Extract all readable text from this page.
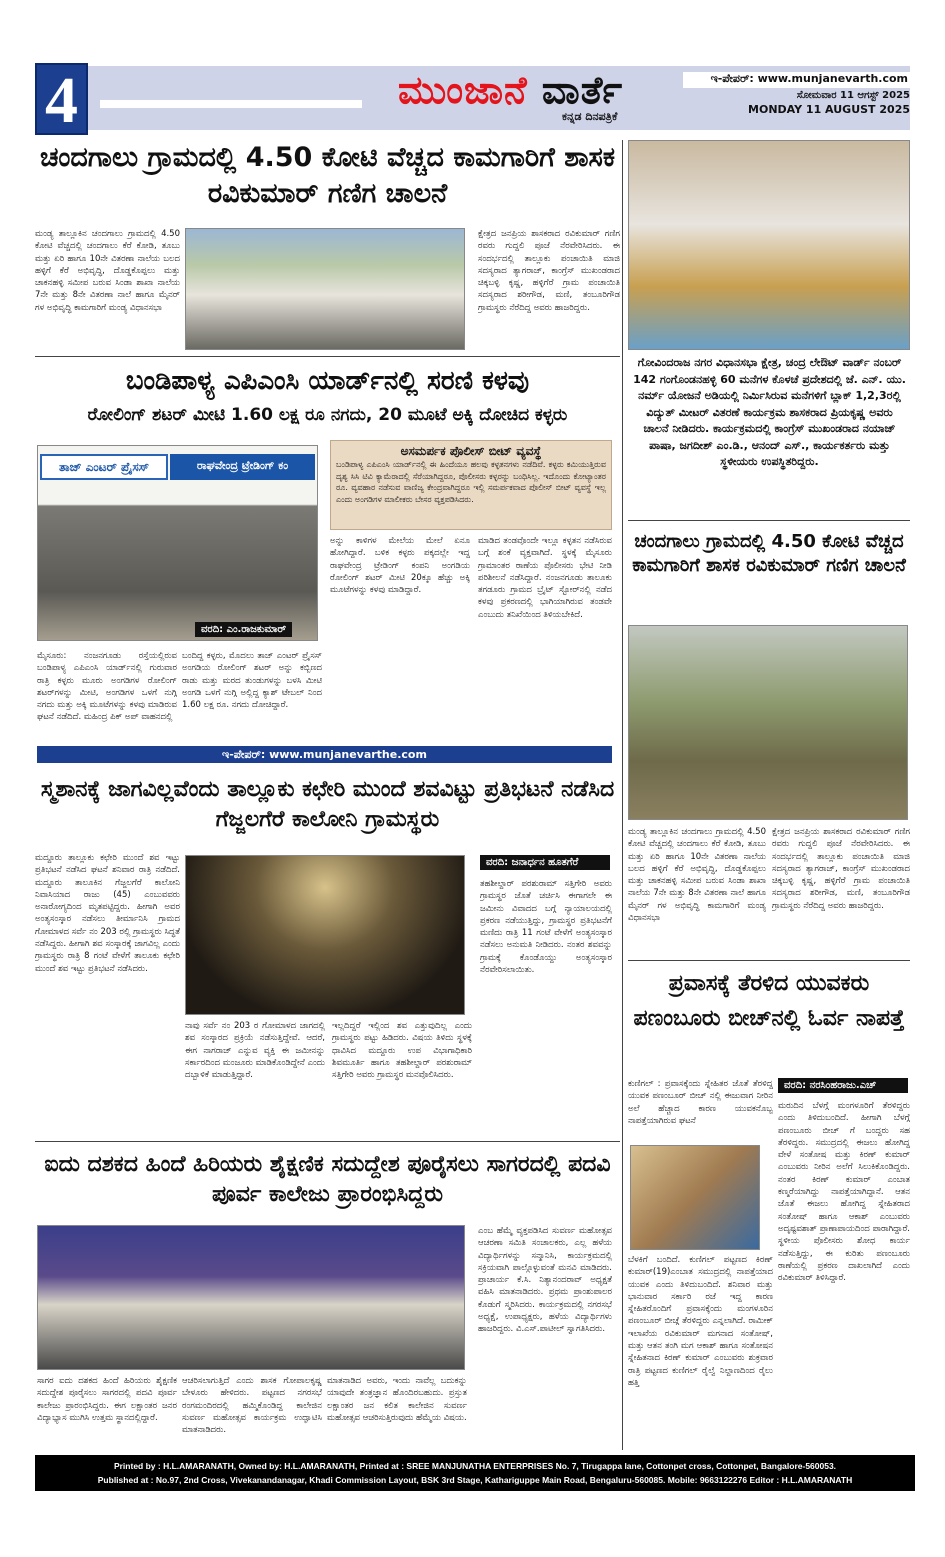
4	ಮುಂಜಾನೆ ವಾರ್ತೆ
ಕನ್ನಡ ದಿನಪತ್ರಿಕೆ
ಇ-ಪೇಪರ್: www.munjanevarth.com
ಸೋಮವಾರ 11 ಆಗಸ್ಟ್ 2025
MONDAY 11 AUGUST 2025
ಚಂದಗಾಲು ಗ್ರಾಮದಲ್ಲಿ 4.50 ಕೋಟಿ ವೆಚ್ಚದ ಕಾಮಗಾರಿಗೆ ಶಾಸಕ ರವಿಕುಮಾರ್ ಗಣಿಗ ಚಾಲನೆ
ಮಂಡ್ಯ ತಾಲ್ಲೂಕಿನ ಚಂದಗಾಲು ಗ್ರಾಮದಲ್ಲಿ 4.50 ಕೋಟಿ ವೆಚ್ಚದಲ್ಲಿ ಚಂದಗಾಲು ಕೆರೆ ಕೋಡಿ, ತೂಬು ಮತ್ತು ಏರಿ ಹಾಗೂ 10ನೇ ವಿತರಣಾ ನಾಲೆಯ ಬಲದ ಹಳ್ಳಿಗೆ ಕೆರೆ ಅಭಿವೃದ್ಧಿ, ದೊಡ್ಡಕೊಪ್ಪಲು ಮತ್ತು ಚಾಕನಹಳ್ಳಿ ಸಮೀಪ ಬರುವ ಸಿಂಡಾ ಶಾಖಾ ನಾಲೆಯ 7ನೇ ಮತ್ತು 8ನೇ ವಿತರಣಾ ನಾಲೆ ಹಾಗೂ ಮೈನರ್ ಗಳ ಅಭಿವೃದ್ಧಿ ಕಾಮಗಾರಿಗೆ ಮಂಡ್ಯ ವಿಧಾನಸಭಾ
ಕ್ಷೇತ್ರದ ಜನಪ್ರಿಯ ಶಾಸಕರಾದ ರವಿಕುಮಾರ್ ಗಣಿಗ ರವರು ಗುದ್ದಲಿ ಪೂಜೆ ನೆರವೇರಿಸಿದರು. ಈ ಸಂದರ್ಭದಲ್ಲಿ ತಾಲ್ಲೂಕು ಪಂಚಾಯಿತಿ ಮಾಜಿ ಸದಸ್ಯರಾದ ತ್ಯಾಗರಾಜ್, ಕಾಂಗ್ರೆಸ್ ಮುಖಂಡರಾದ ಚಿಕ್ಕಬಳ್ಳಿ ಕೃಷ್ಣ, ಹಳ್ಳಿಗೆರೆ ಗ್ರಾಮ ಪಂಚಾಯಿತಿ ಸದಸ್ಯರಾದ ಶರೀಗೌಡ, ಮಣಿ, ತಂಬೂರಿಗೌಡ ಗ್ರಾಮಸ್ಥರು ನೆರೆದಿದ್ದ ಅವರು ಹಾಜರಿದ್ದರು.
ಬಂಡಿಪಾಳ್ಯ ಎಪಿಎಂಸಿ ಯಾರ್ಡ್‌ನಲ್ಲಿ ಸರಣಿ ಕಳವು
ರೋಲಿಂಗ್ ಶಟರ್ ಮೀಟಿ 1.60 ಲಕ್ಷ ರೂ ನಗದು, 20 ಮೂಟೆ ಅಕ್ಕಿ ದೋಚಿದ ಕಳ್ಳರು
ತಾಜ್ ಎಂಟರ್ ಪ್ರೈಸಸ್	ರಾಘವೇಂದ್ರ ಟ್ರೇಡಿಂಗ್ ಕಂ
ವರದಿ: ಎಂ.ರಾಜಕುಮಾರ್
ಅಸಮರ್ಪಕ ಪೊಲೀಸ್ ಬೀಟ್ ವ್ಯವಸ್ಥೆ
ಬಂಡಿಪಾಳ್ಯ ಎಪಿಎಂಸಿ ಯಾರ್ಡ್‌ನಲ್ಲಿ ಈ ಹಿಂದೆಯೂ ಹಲವು ಕಳ್ಳತನಗಳು ನಡೆದಿವೆ. ಕಳ್ಳರು ಕಮಿಯುತ್ತಿರುವ ದೃಶ್ಯ ಸಿಸಿ ಟಿವಿ ಕ್ಯಾಮೆರಾದಲ್ಲಿ ಸೆರೆಯಾಗಿದ್ದರೂ, ಪೊಲೀಸರು ಕಳ್ಳರನ್ನು ಬಂಧಿಸಿಲ್ಲ. ಇದೊಂದು ಕೋಟ್ಯಾಂತರ ರೂ. ವ್ಯವಹಾರ ನಡೆಸುವ ವಾಣಿಜ್ಯ ಕೇಂದ್ರವಾಗಿದ್ದರೂ ಇಲ್ಲಿ ಸಮರ್ಪಕವಾದ ಪೊಲೀಸ್ ಬೀಟ್ ವ್ಯವಸ್ಥೆ ಇಲ್ಲ ಎಂದು ಅಂಗಡಿಗಳ ಮಾಲೀಕರು ಬೇಸರ ವ್ಯಕ್ತಪಡಿಸಿದರು.
ಅನ್ನು ಕಾಳಿಗಳ ಮೇಲೆಯ ಮೇಲೆ ಏನೂ ಹೋಗಿದ್ದಾರೆ. ಬಳಿಕ ಕಳ್ಳರು ಪಕ್ಕದಲ್ಲೇ ಇದ್ದ ರಾಘವೇಂದ್ರ ಟ್ರೇಡಿಂಗ್ ಕಂಪನಿ ಅಂಗಡಿಯ ರೋಲಿಂಗ್ ಶಟರ್ ಮೀಟಿ 20ಕ್ಕೂ ಹೆಚ್ಚು ಅಕ್ಕಿ ಮೂಟೆಗಳನ್ನು ಕಳವು ಮಾಡಿದ್ದಾರೆ.
ಮಾಡಿದ ತಂಡವೊಂದೇ ಇಲ್ಲೂ ಕಳ್ಳತನ ನಡೆಸಿರುವ ಬಗ್ಗೆ ಶಂಕೆ ವ್ಯಕ್ತವಾಗಿದೆ. ಸ್ಥಳಕ್ಕೆ ಮೈಸೂರು ಗ್ರಾಮಾಂತರ ಠಾಣೆಯ ಪೊಲೀಸರು ಭೇಟಿ ನೀಡಿ ಪರಿಶೀಲನೆ ನಡೆಸಿದ್ದಾರೆ. ನಂಜನಗೂಡು ತಾಲೂಕು ತಗಡೂರು ಗ್ರಾಮದ ಬ್ರೈಟ್ ಸ್ಟೋರ್‌ನಲ್ಲಿ ನಡೆದ ಕಳವು ಪ್ರಕರಣದಲ್ಲಿ ಭಾಗಿಯಾಗಿರುವ ತಂಡವೇ ಎಂಬುದು ತನಿಖೆಯಿಂದ ತಿಳಿಯಬೇಕಿದೆ.
ಮೈಸೂರು: ನಂಜನಗೂಡು ರಸ್ತೆಯಲ್ಲಿರುವ ಬಂಡಿಪಾಳ್ಯ ಎಪಿಎಂಸಿ ಯಾರ್ಡ್‌ನಲ್ಲಿ ಗುರುವಾರ ರಾತ್ರಿ ಕಳ್ಳರು ಮೂರು ಅಂಗಡಿಗಳ ರೋಲಿಂಗ್ ಶಟರ್‌ಗಳನ್ನು ಮೀಟಿ, ಅಂಗಡಿಗಳ ಒಳಗೆ ನುಗ್ಗಿ ನಗದು ಮತ್ತು ಅಕ್ಕಿ ಮೂಟೆಗಳನ್ನು ಕಳವು ಮಾಡಿರುವ ಘಟನೆ ನಡೆದಿದೆ. ಮಹಿಂದ್ರ ಪಿಕ್ ಅಪ್ ವಾಹನದಲ್ಲಿ
ಬಂದಿದ್ದ ಕಳ್ಳರು, ಮೊದಲು ತಾಜ್ ಎಂಟರ್ ಪ್ರೈಸಸ್ ಅಂಗಡಿಯ ರೋಲಿಂಗ್ ಶಟರ್ ಅನ್ನು ಕಬ್ಬಿಣದ ರಾಡು ಮತ್ತು ಮರದ ತುಂಡುಗಳನ್ನು ಬಳಸಿ ಮೀಟಿ ಅಂಗಡಿ ಒಳಗೆ ನುಗ್ಗಿ ಅಲ್ಲಿದ್ದ ಕ್ಯಾಶ್ ಟೇಬಲ್ ನಿಂದ 1.60 ಲಕ್ಷ ರೂ. ನಗದು ದೋಚಿದ್ದಾರೆ.
ಇ-ಪೇಪರ್: www.munjanevarthe.com
ಸ್ಮಶಾನಕ್ಕೆ ಜಾಗವಿಲ್ಲವೆಂದು ತಾಲ್ಲೂಕು ಕಛೇರಿ ಮುಂದೆ ಶವವಿಟ್ಟು ಪ್ರತಿಭಟನೆ ನಡೆಸಿದ ಗೆಜ್ಜಲಗೆರೆ ಕಾಲೋನಿ ಗ್ರಾಮಸ್ಥರು
ಮದ್ದೂರು ತಾಲ್ಲೂಕು ಕಛೇರಿ ಮುಂದೆ ಶವ ಇಟ್ಟು ಪ್ರತಿಭಟನೆ ನಡೆಸಿದ ಘಟನೆ ಶನಿವಾರ ರಾತ್ರಿ ನಡೆದಿದೆ. ಮದ್ದೂರು ತಾಲೂಕಿನ ಗೆಜ್ಜಲಗೆರೆ ಕಾಲೋನಿ ನಿವಾಸಿಯಾದ ರಾಜು (45) ಎಂಬುವವರು ಅನಾರೋಗ್ಯದಿಂದ ಮೃತಪಟ್ಟಿದ್ದರು. ಹೀಗಾಗಿ ಅವರ ಅಂತ್ಯಸಂಸ್ಕಾರ ನಡೆಸಲು ತೀರ್ಮಾನಿಸಿ ಗ್ರಾಮದ ಗೋಮಾಳದ ಸರ್ವೆ ನಂ 203 ರಲ್ಲಿ ಗ್ರಾಮಸ್ಥರು ಸಿದ್ಧತೆ ನಡೆಸಿದ್ದರು. ಹೀಗಾಗಿ ಶವ ಸಂಸ್ಕಾರಕ್ಕೆ ಜಾಗವಿಲ್ಲ ಎಂದು ಗ್ರಾಮಸ್ಥರು ರಾತ್ರಿ 8 ಗಂಟೆ ವೇಳೆಗೆ ತಾಲೂಕು ಕಛೇರಿ ಮುಂದೆ ಶವ ಇಟ್ಟು ಪ್ರತಿಭಟನೆ ನಡೆಸಿದರು.
ವರದಿ: ಜನಾರ್ಧನ ಹೂತಗೆರೆ
ತಹಶೀಲ್ದಾರ್ ಪರಶುರಾಮ್ ಸತ್ತಿಗೇರಿ ಅವರು ಗ್ರಾಮಸ್ಥರ ಜೊತೆ ಚರ್ಚಿಸಿ ಈಗಾಗಲೇ ಈ ಜಮೀನು ವಿವಾದದ ಬಗ್ಗೆ ನ್ಯಾಯಾಲಯದಲ್ಲಿ ಪ್ರಕರಣ ನಡೆಯುತ್ತಿದ್ದು, ಗ್ರಾಮಸ್ಥರ ಪ್ರತಿಭಟನೆಗೆ ಮಣಿದು ರಾತ್ರಿ 11 ಗಂಟೆ ವೇಳೆಗೆ ಅಂತ್ಯಸಂಸ್ಕಾರ ನಡೆಸಲು ಅನುಮತಿ ನೀಡಿದರು. ನಂತರ ಶವವನ್ನು ಗ್ರಾಮಕ್ಕೆ ಕೊಂಡೊಯ್ದು ಅಂತ್ಯಸಂಸ್ಕಾರ ನೆರವೇರಿಸಲಾಯಿತು.
ನಾವು ಸರ್ವೆ ನಂ 203 ರ ಗೋಮಾಳದ ಜಾಗದಲ್ಲಿ ಶವ ಸಂಸ್ಕಾರದ ಪ್ರಕ್ರಿಯೆ ನಡೆಸುತ್ತಿದ್ದೇವೆ. ಆದರೆ, ಈಗ ನಾಗರಾಜ್ ಎನ್ನುವ ವ್ಯಕ್ತಿ ಈ ಜಮೀನನ್ನು ಸರ್ಕಾರದಿಂದ ಮಂಜೂರು ಮಾಡಿಕೊಂಡಿದ್ದೇನೆ ಎಂದು ದಬ್ಬಾಳಿಕೆ ಮಾಡುತ್ತಿದ್ದಾರೆ.
ಇಲ್ಲದಿದ್ದರೆ ಇಲ್ಲಿಂದ ಶವ ಎತ್ತುವುದಿಲ್ಲ ಎಂದು ಗ್ರಾಮಸ್ಥರು ಪಟ್ಟು ಹಿಡಿದರು. ವಿಷಯ ತಿಳಿದು ಸ್ಥಳಕ್ಕೆ ಧಾವಿಸಿದ ಮದ್ದೂರು ಉಪ ವಿಭಾಗಾಧಿಕಾರಿ ಶಿವಮೂರ್ತಿ ಹಾಗೂ ತಹಶೀಲ್ದಾರ್ ಪರಶುರಾಮ್ ಸತ್ತಿಗೇರಿ ಅವರು ಗ್ರಾಮಸ್ಥರ ಮನವೊಲಿಸಿದರು.
ಐದು ದಶಕದ ಹಿಂದೆ ಹಿರಿಯರು ಶೈಕ್ಷಣಿಕ ಸದುದ್ದೇಶ ಪೂರೈಸಲು ಸಾಗರದಲ್ಲಿ ಪದವಿ ಪೂರ್ವ ಕಾಲೇಜು ಪ್ರಾರಂಭಿಸಿದ್ದರು
ಸಾಗರ ಐದು ದಶಕದ ಹಿಂದೆ ಹಿರಿಯರು ಶೈಕ್ಷಣಿಕ ಸದುದ್ದೇಶ ಪೂರೈಸಲು ಸಾಗರದಲ್ಲಿ ಪದವಿ ಪೂರ್ವ ಕಾಲೇಜು ಪ್ರಾರಂಭಿಸಿದ್ದರು. ಈಗ ಲಕ್ಷಾಂತರ ಜನರ ವಿದ್ಯಾಭ್ಯಾಸ ಮುಗಿಸಿ ಉತ್ತಮ ಸ್ಥಾನದಲ್ಲಿದ್ದಾರೆ.
ಆಚರಿಸಲಾಗುತ್ತಿದೆ ಎಂದು ಶಾಸಕ ಗೋಪಾಲಕೃಷ್ಣ ಬೇಳೂರು ಹೇಳಿದರು. ಪಟ್ಟಣದ ನಗರಸಭೆ ರಂಗಮಂದಿರದಲ್ಲಿ ಹಮ್ಮಿಕೊಂಡಿದ್ದ ಕಾಲೇಜಿನ ಸುವರ್ಣ ಮಹೋತ್ಸವ ಕಾರ್ಯಕ್ರಮ ಉದ್ಘಾಟಿಸಿ ಮಾತನಾಡಿದರು.
ಮಾತನಾಡಿದ ಅವರು, ಇಂದು ನಾವೆಲ್ಲ ಬದುಕನ್ನು ಯಾವುದೇ ತಂತ್ರಜ್ಞಾನ ಹೊಂದಿರಬಹುದು. ಪ್ರಸ್ತುತ ಲಕ್ಷಾಂತರ ಜನ ಕಲಿತ ಕಾಲೇಜಿನ ಸುವರ್ಣ ಮಹೋತ್ಸವ ಆಚರಿಸುತ್ತಿರುವುದು ಹೆಮ್ಮೆಯ ವಿಷಯ.
ಎಂಬ ಹೆಮ್ಮೆ ವ್ಯಕ್ತಪಡಿಸಿದ ಸುವರ್ಣ ಮಹೋತ್ಸವ ಆಚರಣಾ ಸಮಿತಿ ಸಂಚಾಲಕರು, ಎಲ್ಲ ಹಳೆಯ ವಿದ್ಯಾರ್ಥಿಗಳನ್ನು ಸನ್ಮಾನಿಸಿ, ಕಾರ್ಯಕ್ರಮದಲ್ಲಿ ಸಕ್ರಿಯವಾಗಿ ಪಾಲ್ಗೊಳ್ಳುವಂತೆ ಮನವಿ ಮಾಡಿದರು. ಪ್ರಾಚಾರ್ಯ ಕೆ.ಸಿ. ನಿತ್ಯಾನಂದರಾವ್ ಅಧ್ಯಕ್ಷತೆ ವಹಿಸಿ ಮಾತನಾಡಿದರು. ಪ್ರಥಮ ಪ್ರಾಂಶುಪಾಲರ ಕೊಡುಗೆ ಸ್ಮರಿಸಿದರು. ಕಾರ್ಯಕ್ರಮದಲ್ಲಿ ನಗರಸಭೆ ಅಧ್ಯಕ್ಷೆ, ಉಪಾಧ್ಯಕ್ಷರು, ಹಳೆಯ ವಿದ್ಯಾರ್ಥಿಗಳು ಹಾಜರಿದ್ದರು. ವಿ.ಎಸ್.ಪಾಟೀಲ್ ಸ್ವಾಗತಿಸಿದರು.
ಗೋವಿಂದರಾಜ ನಗರ ವಿಧಾನಸಭಾ ಕ್ಷೇತ್ರ, ಚಂದ್ರ ಲೇಔಟ್ ವಾರ್ಡ್ ನಂಬರ್ 142 ಗಂಗೊಂಡನಹಳ್ಳಿ 60 ಮನೆಗಳ ಕೊಳಚೆ ಪ್ರದೇಶದಲ್ಲಿ ಜೆ. ಎನ್. ಯು. ನರ್ಮ್ ಯೋಜನೆ ಅಡಿಯಲ್ಲಿ ನಿರ್ಮಿಸಿರುವ ಮನೆಗಳಿಗೆ ಬ್ಲಾಕ್ 1,2,3ರಲ್ಲಿ ವಿದ್ಯುತ್ ಮೀಟರ್ ವಿತರಣೆ ಕಾರ್ಯಕ್ರಮ ಶಾಸಕರಾದ ಪ್ರಿಯಕೃಷ್ಣ ಅವರು ಚಾಲನೆ ನೀಡಿದರು. ಕಾರ್ಯಕ್ರಮದಲ್ಲಿ ಕಾಂಗ್ರೆಸ್ ಮುಖಂಡರಾದ ನಯಾಜ್ ಪಾಷಾ, ಜಗದೀಶ್ ಎಂ.ಡಿ., ಆನಂದ್ ಎಸ್., ಕಾರ್ಯಕರ್ತರು ಮತ್ತು ಸ್ಥಳೀಯರು ಉಪಸ್ಥಿತರಿದ್ದರು.
ಚಂದಗಾಲು ಗ್ರಾಮದಲ್ಲಿ 4.50 ಕೋಟಿ ವೆಚ್ಚದ ಕಾಮಗಾರಿಗೆ ಶಾಸಕ ರವಿಕುಮಾರ್ ಗಣಿಗ ಚಾಲನೆ
ಮಂಡ್ಯ ತಾಲ್ಲೂಕಿನ ಚಂದಗಾಲು ಗ್ರಾಮದಲ್ಲಿ 4.50 ಕೋಟಿ ವೆಚ್ಚದಲ್ಲಿ ಚಂದಗಾಲು ಕೆರೆ ಕೋಡಿ, ತೂಬು ಮತ್ತು ಏರಿ ಹಾಗೂ 10ನೇ ವಿತರಣಾ ನಾಲೆಯ ಬಲದ ಹಳ್ಳಿಗೆ ಕೆರೆ ಅಭಿವೃದ್ಧಿ, ದೊಡ್ಡಕೊಪ್ಪಲು ಮತ್ತು ಚಾಕನಹಳ್ಳಿ ಸಮೀಪ ಬರುವ ಸಿಂಡಾ ಶಾಖಾ ನಾಲೆಯ 7ನೇ ಮತ್ತು 8ನೇ ವಿತರಣಾ ನಾಲೆ ಹಾಗೂ ಮೈನರ್ ಗಳ ಅಭಿವೃದ್ಧಿ ಕಾಮಗಾರಿಗೆ ಮಂಡ್ಯ ವಿಧಾನಸಭಾ
ಕ್ಷೇತ್ರದ ಜನಪ್ರಿಯ ಶಾಸಕರಾದ ರವಿಕುಮಾರ್ ಗಣಿಗ ರವರು ಗುದ್ದಲಿ ಪೂಜೆ ನೆರವೇರಿಸಿದರು. ಈ ಸಂದರ್ಭದಲ್ಲಿ ತಾಲ್ಲೂಕು ಪಂಚಾಯಿತಿ ಮಾಜಿ ಸದಸ್ಯರಾದ ತ್ಯಾಗರಾಜ್, ಕಾಂಗ್ರೆಸ್ ಮುಖಂಡರಾದ ಚಿಕ್ಕಬಳ್ಳಿ ಕೃಷ್ಣ, ಹಳ್ಳಿಗೆರೆ ಗ್ರಾಮ ಪಂಚಾಯಿತಿ ಸದಸ್ಯರಾದ ಶರೀಗೌಡ, ಮಣಿ, ತಂಬೂರಿಗೌಡ ಗ್ರಾಮಸ್ಥರು ನೆರೆದಿದ್ದ ಅವರು ಹಾಜರಿದ್ದರು.
ಪ್ರವಾಸಕ್ಕೆ ತೆರಳಿದ ಯುವಕರು ಪಣಂಬೂರು ಬೀಚ್‌ನಲ್ಲಿ ಓರ್ವ ನಾಪತ್ತೆ
ಕುಣಿಗಲ್ : ಪ್ರವಾಸಕ್ಕೆಂದು ಸ್ನೇಹಿತರ ಜೊತೆ ತೆರಳಿದ್ದ ಯುವಕ ಪಣಂಬೂರ್ ಬೀಚ್ ನಲ್ಲಿ ಈಜುವಾಗ ನೀರಿನ ಅಲೆ ಹೆಚ್ಚಾದ ಕಾರಣ ಯುವಕನೊಬ್ಬ ನಾಪತ್ತೆಯಾಗಿರುವ ಘಟನೆ
ವರದಿ: ನರಸಿಂಹರಾಜು.ಎಚ್
ಮರುದಿನ ಬೆಳಗ್ಗೆ ಮಂಗಳೂರಿಗೆ ತೆರಳಿದ್ದರು ಎಂದು ತಿಳಿದುಬಂದಿದೆ. ಹೀಗಾಗಿ ಬೆಳಗ್ಗೆ ಪಣಂಬೂರು ಬೀಚ್ ಗೆ ಬಂದ್ದರು ಸಹ ತೆರಳಿದ್ದರು. ಸಮುದ್ರದಲ್ಲಿ ಈಜಲು ಹೋಗಿದ್ದ ವೇಳೆ ಸಂತೋಷ ಮತ್ತು ಕಿರಣ್ ಕುಮಾರ್ ಎಂಬುವರು ನೀರಿನ ಅಲೆಗೆ ಸಿಲುಕಿಕೊಂಡಿದ್ದರು. ನಂತರ ಕಿರಣ್ ಕುಮಾರ್ ಎಂಬಾತ ಕಣ್ಮರೆಯಾಗಿದ್ದು ನಾಪತ್ತೆಯಾಗಿದ್ದಾನೆ. ಆತನ ಜೊತೆ ಈಜಲು ಹೋಗಿದ್ದ ಸ್ನೇಹಿತರಾದ ಸಂತೋಷ್ ಹಾಗೂ ಆಕಾಶ್ ಎಂಬುವರು ಅದೃಷ್ಟವಶಾತ್ ಪ್ರಾಣಾಪಾಯದಿಂದ ಪಾರಾಗಿದ್ದಾರೆ. ಸ್ಥಳೀಯ ಪೊಲೀಸರು ಶೋಧ ಕಾರ್ಯ ನಡೆಸುತ್ತಿದ್ದು, ಈ ಕುರಿತು ಪಣಂಬೂರು ಠಾಣೆಯಲ್ಲಿ ಪ್ರಕರಣ ದಾಖಲಾಗಿದೆ ಎಂದು ರವಿಕುಮಾರ್ ತಿಳಿಸಿದ್ದಾರೆ.
ಬೆಳಕಿಗೆ ಬಂದಿದೆ. ಕುಣಿಗಲ್ ಪಟ್ಟಣದ ಕಿರಣ್ ಕುಮಾರ್(19)ಎಂಬಾತ ಸಮುದ್ರದಲ್ಲಿ ನಾಪತ್ತೆಯಾದ ಯುವಕ ಎಂದು ತಿಳಿದುಬಂದಿದೆ. ಶನಿವಾರ ಮತ್ತು ಭಾನುವಾರ ಸರ್ಕಾರಿ ರಜೆ ಇದ್ದ ಕಾರಣ ಸ್ನೇಹಿತರೊಂದಿಗೆ ಪ್ರವಾಸಕ್ಕೆಂದು ಮಂಗಳೂರಿನ ಪಣಂಬೂರ್ ಬೀಚ್ಗೆ ತೆರಳಿದ್ದರು ಎನ್ನಲಾಗಿದೆ. ರಾಮೀಕ್ ಇಲಾಖೆಯ ರವಿಕುಮಾರ್ ಮಗನಾದ ಸಂತೋಷ್, ಮತ್ತು ಆತನ ತಂಗಿ ಮಗ ಆಕಾಶ್ ಹಾಗೂ ಸಂತೋಷನ ಸ್ನೇಹಿತನಾದ ಕಿರಣ್ ಕುಮಾರ್ ಎಂಬುವರು ಶುಕ್ರವಾರ ರಾತ್ರಿ ಪಟ್ಟಣದ ಕುಣಿಗಲ್ ರೈಲ್ವೆ ನಿಲ್ದಾಣದಿಂದ ರೈಲು ಹತ್ತಿ
Printed by : H.L.AMARANATH, Owned by: H.L.AMARANATH, Printed at : SREE MANJUNATHA ENTERPRISES No. 7, Tirugappa lane, Cottonpet cross, Cottonpet, Bangalore-560053.
Published at : No.97, 2nd Cross, Vivekanandanagar, Khadi Commission Layout, BSK 3rd Stage, Kathariguppe Main Road, Bengaluru-560085. Mobile: 9663122276 Editor : H.L.AMARANATH
